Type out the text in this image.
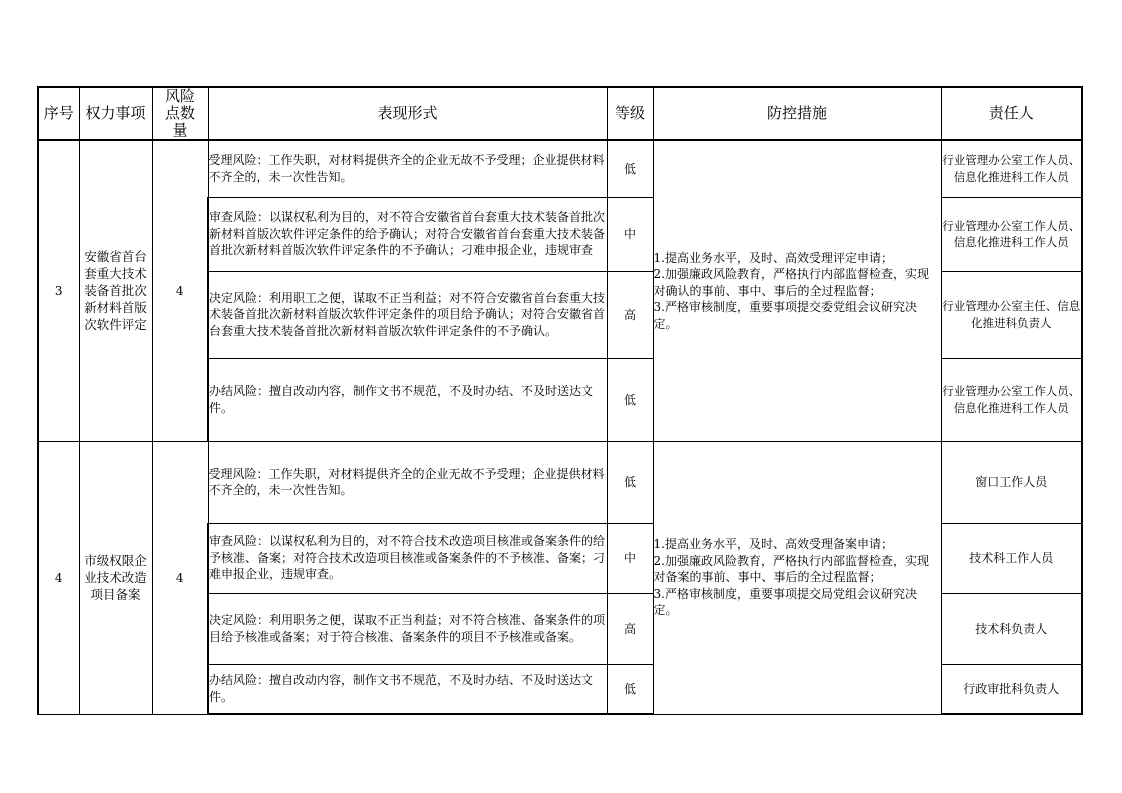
序号	权力事项	风险点数量	表现形式	等级	防控措施	责任人
3	安徽省首台套重大技术装备首批次新材料首版次软件评定	4	受理风险：工作失职，对材料提供齐全的企业无故不予受理；企业提供材料不齐全的，未一次性告知。	低	1.提高业务水平，及时、高效受理评定申请；
2.加强廉政风险教育，严格执行内部监督检查，实现对确认的事前、事中、事后的全过程监督；
3.严格审核制度，重要事项提交委党组会议研究决定。	行业管理办公室工作人员、信息化推进科工作人员

			审查风险：以谋权私利为目的，对不符合安徽省首台套重大技术装备首批次新材料首版次软件评定条件的给予确认；对符合安徽省首台套重大技术装备首批次新材料首版次软件评定条件的不予确认；刁难申报企业，违规审查	中		行业管理办公室工作人员、信息化推进科工作人员

			决定风险：利用职工之便，谋取不正当利益；对不符合安徽省首台套重大技术装备首批次新材料首版次软件评定条件的项目给予确认；对符合安徽省首台套重大技术装备首批次新材料首版次软件评定条件的不予确认。	高		行业管理办公室主任、信息化推进科负责人

			办结风险：擅自改动内容，制作文书不规范，不及时办结、不及时送达文件。	低		行业管理办公室工作人员、信息化推进科工作人员

4	市级权限企业技术改造项目备案	4	受理风险：工作失职，对材料提供齐全的企业无故不予受理；企业提供材料不齐全的，未一次性告知。	低	1.提高业务水平，及时、高效受理备案申请；
2.加强廉政风险教育，严格执行内部监督检查，实现对备案的事前、事中、事后的全过程监督；
3.严格审核制度，重要事项提交局党组会议研究决定。	窗口工作人员
			审查风险：以谋权私利为目的，对不符合技术改造项目核准或备案条件的给予核准、备案；对符合技术改造项目核准或备案条件的不予核准、备案；刁难申报企业，违规审查。	中		技术科工作人员
			决定风险：利用职务之便，谋取不正当利益；对不符合核准、备案条件的项目给予核准或备案；对于符合核准、备案条件的项目不予核准或备案。	高		技术科负责人
			办结风险：擅自改动内容，制作文书不规范，不及时办结、不及时送达文件。	低		行政审批科负责人
